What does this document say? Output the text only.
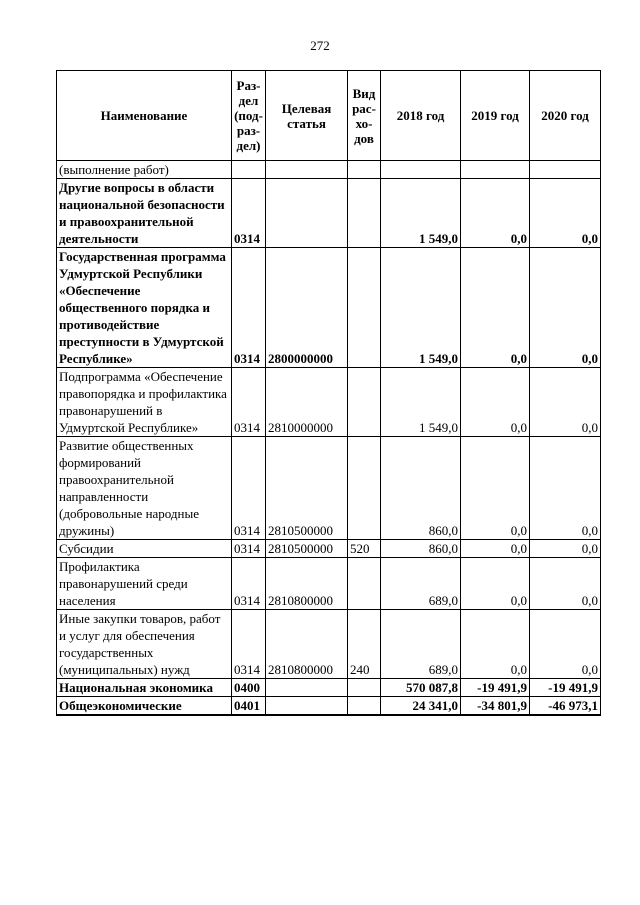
272
Наименование	Раз-дел (под-раз-дел)	Целевая статья	Вид рас-хо-дов	2018 год	2019 год	2020 год
(выполнение работ)						
Другие вопросы в области национальной безопасности и правоохранительной деятельности	0314			1 549,0	0,0	0,0
Государственная программа Удмуртской Республики «Обеспечение общественного порядка и противодействие преступности в Удмуртской Республике»	0314	2800000000		1 549,0	0,0	0,0
Подпрограмма «Обеспечение правопорядка и профилактика правонарушений в Удмуртской Республике»	0314	2810000000		1 549,0	0,0	0,0
Развитие общественных формирований правоохранительной направленности (добровольные народные дружины)	0314	2810500000		860,0	0,0	0,0
Субсидии	0314	2810500000	520	860,0	0,0	0,0
Профилактика правонарушений среди населения	0314	2810800000		689,0	0,0	0,0
Иные закупки товаров, работ и услуг для обеспечения государственных (муниципальных) нужд	0314	2810800000	240	689,0	0,0	0,0
Национальная экономика	0400			570 087,8	-19 491,9	-19 491,9
Общеэкономические	0401			24 341,0	-34 801,9	-46 973,1
